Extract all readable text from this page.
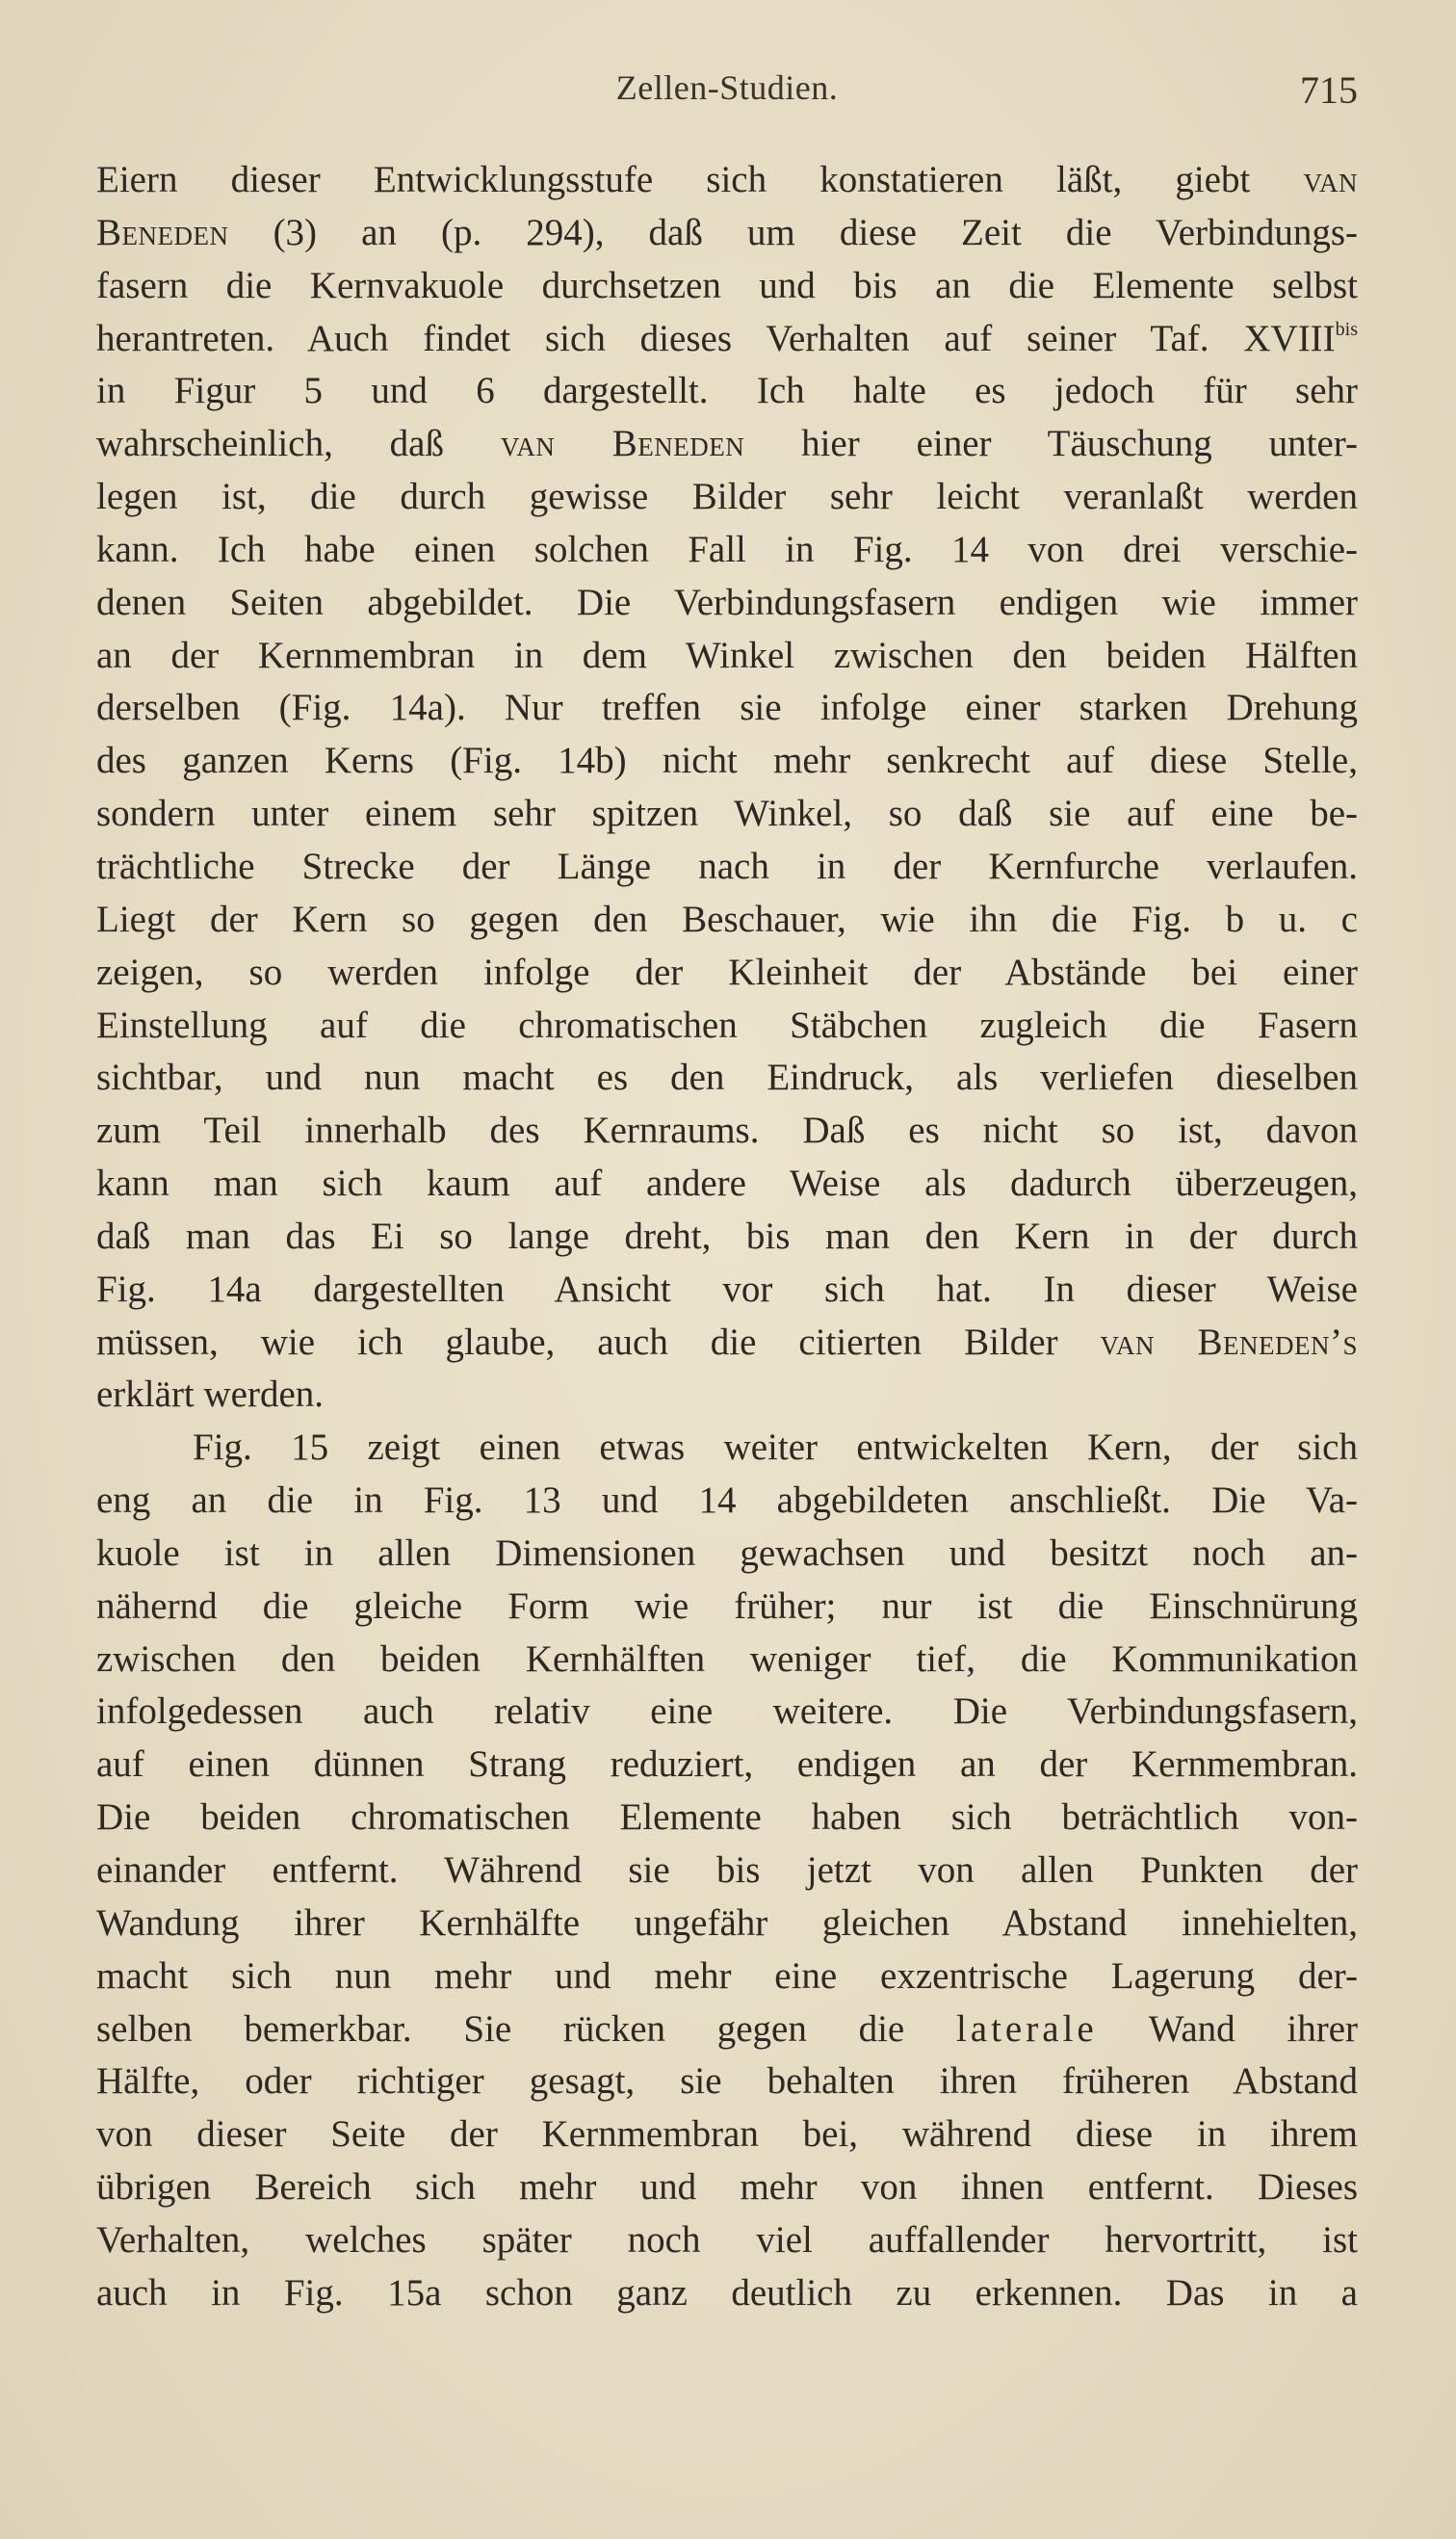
Zellen-Studien.	715
Eiern dieser Entwicklungsstufe sich konstatieren läßt, giebt van
Beneden (3) an (p. 294), daß um diese Zeit die Verbindungs-
fasern die Kernvakuole durchsetzen und bis an die Elemente selbst
herantreten. Auch findet sich dieses Verhalten auf seiner Taf. $XVIII^{bis}$
in Figur 5 und 6 dargestellt. Ich halte es jedoch für sehr
wahrscheinlich, daß van Beneden hier einer Täuschung unter-
legen ist, die durch gewisse Bilder sehr leicht veranlaßt werden
kann. Ich habe einen solchen Fall in Fig. 14 von drei verschie-
denen Seiten abgebildet. Die Verbindungsfasern endigen wie immer
an der Kernmembran in dem Winkel zwischen den beiden Hälften
derselben (Fig. 14a). Nur treffen sie infolge einer starken Drehung
des ganzen Kerns (Fig. 14b) nicht mehr senkrecht auf diese Stelle,
sondern unter einem sehr spitzen Winkel, so daß sie auf eine be-
trächtliche Strecke der Länge nach in der Kernfurche verlaufen.
Liegt der Kern so gegen den Beschauer, wie ihn die Fig. b u. c
zeigen, so werden infolge der Kleinheit der Abstände bei einer
Einstellung auf die chromatischen Stäbchen zugleich die Fasern
sichtbar, und nun macht es den Eindruck, als verliefen dieselben
zum Teil innerhalb des Kernraums. Daß es nicht so ist, davon
kann man sich kaum auf andere Weise als dadurch überzeugen,
daß man das Ei so lange dreht, bis man den Kern in der durch
Fig. 14a dargestellten Ansicht vor sich hat. In dieser Weise
müssen, wie ich glaube, auch die citierten Bilder van Beneden’s
erklärt werden.
Fig. 15 zeigt einen etwas weiter entwickelten Kern, der sich
eng an die in Fig. 13 und 14 abgebildeten anschließt. Die Va-
kuole ist in allen Dimensionen gewachsen und besitzt noch an-
nähernd die gleiche Form wie früher; nur ist die Einschnürung
zwischen den beiden Kernhälften weniger tief, die Kommunikation
infolgedessen auch relativ eine weitere. Die Verbindungsfasern,
auf einen dünnen Strang reduziert, endigen an der Kernmembran.
Die beiden chromatischen Elemente haben sich beträchtlich von-
einander entfernt. Während sie bis jetzt von allen Punkten der
Wandung ihrer Kernhälfte ungefähr gleichen Abstand innehielten,
macht sich nun mehr und mehr eine exzentrische Lagerung der-
selben bemerkbar. Sie rücken gegen die laterale Wand ihrer
Hälfte, oder richtiger gesagt, sie behalten ihren früheren Abstand
von dieser Seite der Kernmembran bei, während diese in ihrem
übrigen Bereich sich mehr und mehr von ihnen entfernt. Dieses
Verhalten, welches später noch viel auffallender hervortritt, ist
auch in Fig. 15a schon ganz deutlich zu erkennen. Das in a
